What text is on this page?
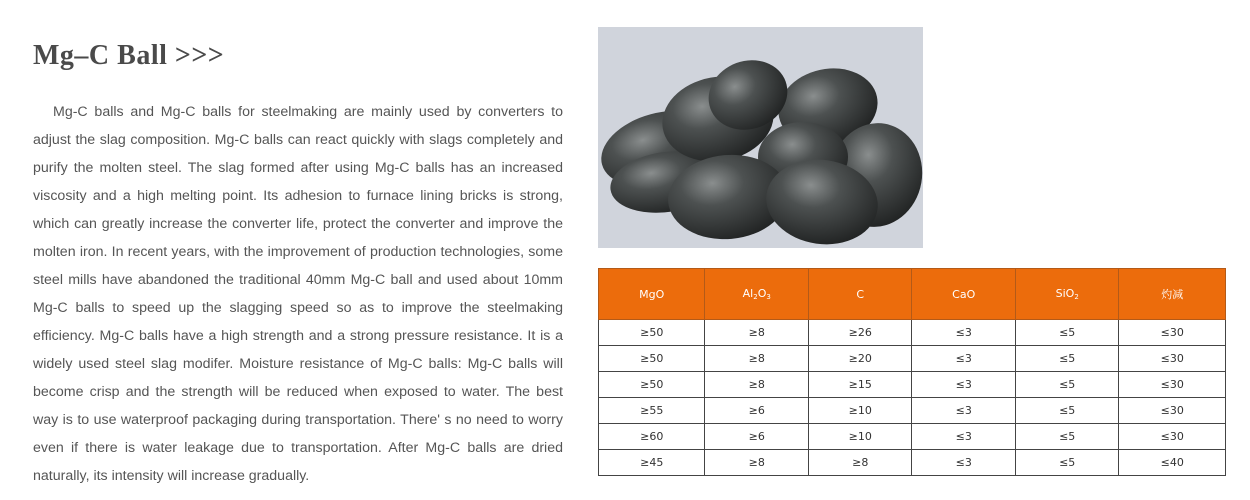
Mg–C Ball >>>

Mg-C balls and Mg-C balls for steelmaking are mainly used by converters to adjust the slag composition. Mg-C balls can react quickly with slags completely and purify the molten steel. The slag formed after using Mg-C balls has an increased viscosity and a high melting point. Its adhesion to furnace lining bricks is strong, which can greatly increase the converter life, protect the converter and improve the molten iron. In recent years, with the improvement of production technologies, some steel mills have abandoned the traditional 40mm Mg-C ball and used about 10mm Mg-C balls to speed up the slagging speed so as to improve the steelmaking efficiency. Mg-C balls have a high strength and a strong pressure resistance. It is a widely used steel slag modifer. Moisture resistance of Mg-C balls: Mg-C balls will become crisp and the strength will be reduced when exposed to water. The best way is to use waterproof packaging during transportation. There' s no need to worry even if there is water leakage due to transportation. After Mg-C balls are dried naturally, its intensity will increase gradually.

MgO	$Al_2O_3$	C	CaO	SiO$_2$	灼减
≥50	≥8	≥26	≤3	≤5	≤30
≥50	≥8	≥20	≤3	≤5	≤30
≥50	≥8	≥15	≤3	≤5	≤30
≥55	≥6	≥10	≤3	≤5	≤30
≥60	≥6	≥10	≤3	≤5	≤30
≥45	≥8	≥8	≤3	≤5	≤40
